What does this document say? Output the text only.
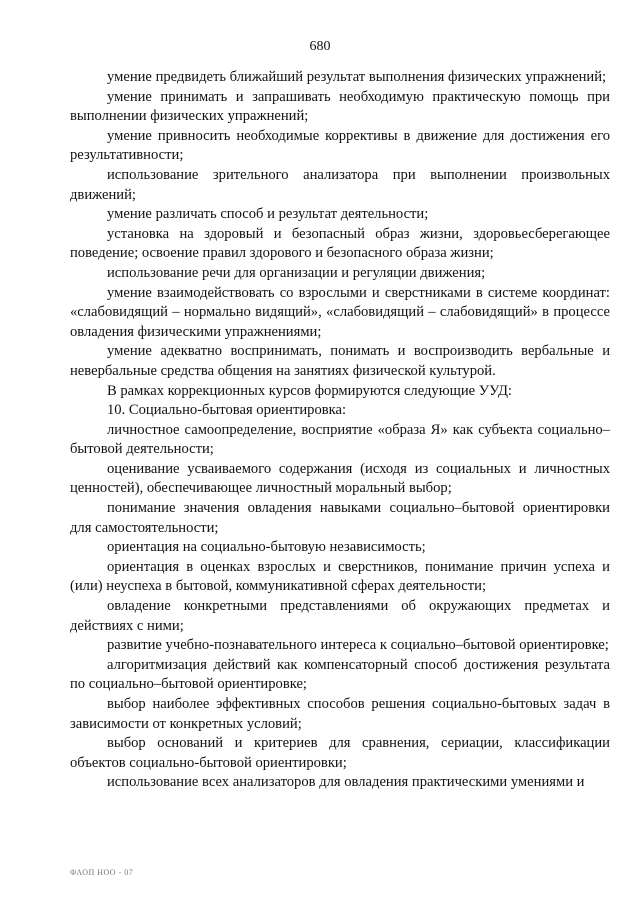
680

умение предвидеть ближайший результат выполнения физических упражнений;

умение принимать и запрашивать необходимую практическую помощь при выполнении физических упражнений;

умение привносить необходимые коррективы в движение для достижения его результативности;

использование зрительного анализатора при выполнении произвольных движений;

умение различать способ и результат деятельности;

установка на здоровый и безопасный образ жизни, здоровьесберегающее поведение; освоение правил здорового и безопасного образа жизни;

использование речи для организации и регуляции движения;

умение взаимодействовать со взрослыми и сверстниками в системе координат: «слабовидящий – нормально видящий», «слабовидящий – слабовидящий» в процессе овладения физическими упражнениями;

умение адекватно воспринимать, понимать и воспроизводить вербальные и невербальные средства общения на занятиях физической культурой.

В рамках коррекционных курсов формируются следующие УУД:

10. Социально-бытовая ориентировка:

личностное самоопределение, восприятие «образа Я» как субъекта социально–бытовой деятельности;

оценивание усваиваемого содержания (исходя из социальных и личностных ценностей), обеспечивающее личностный моральный выбор;

понимание значения овладения навыками социально–бытовой ориентировки для самостоятельности;

ориентация на социально-бытовую независимость;

ориентация в оценках взрослых и сверстников, понимание причин успеха и (или) неуспеха в бытовой, коммуникативной сферах деятельности;

овладение конкретными представлениями об окружающих предметах и действиях с ними;

развитие учебно-познавательного интереса к социально–бытовой ориентировке;

алгоритмизация действий как компенсаторный способ достижения результата по социально–бытовой ориентировке;

выбор наиболее эффективных способов решения социально-бытовых задач в зависимости от конкретных условий;

выбор оснований и критериев для сравнения, сериации, классификации объектов социально-бытовой ориентировки;

использование всех анализаторов для овладения практическими умениями и

ФАОП НОО - 07
